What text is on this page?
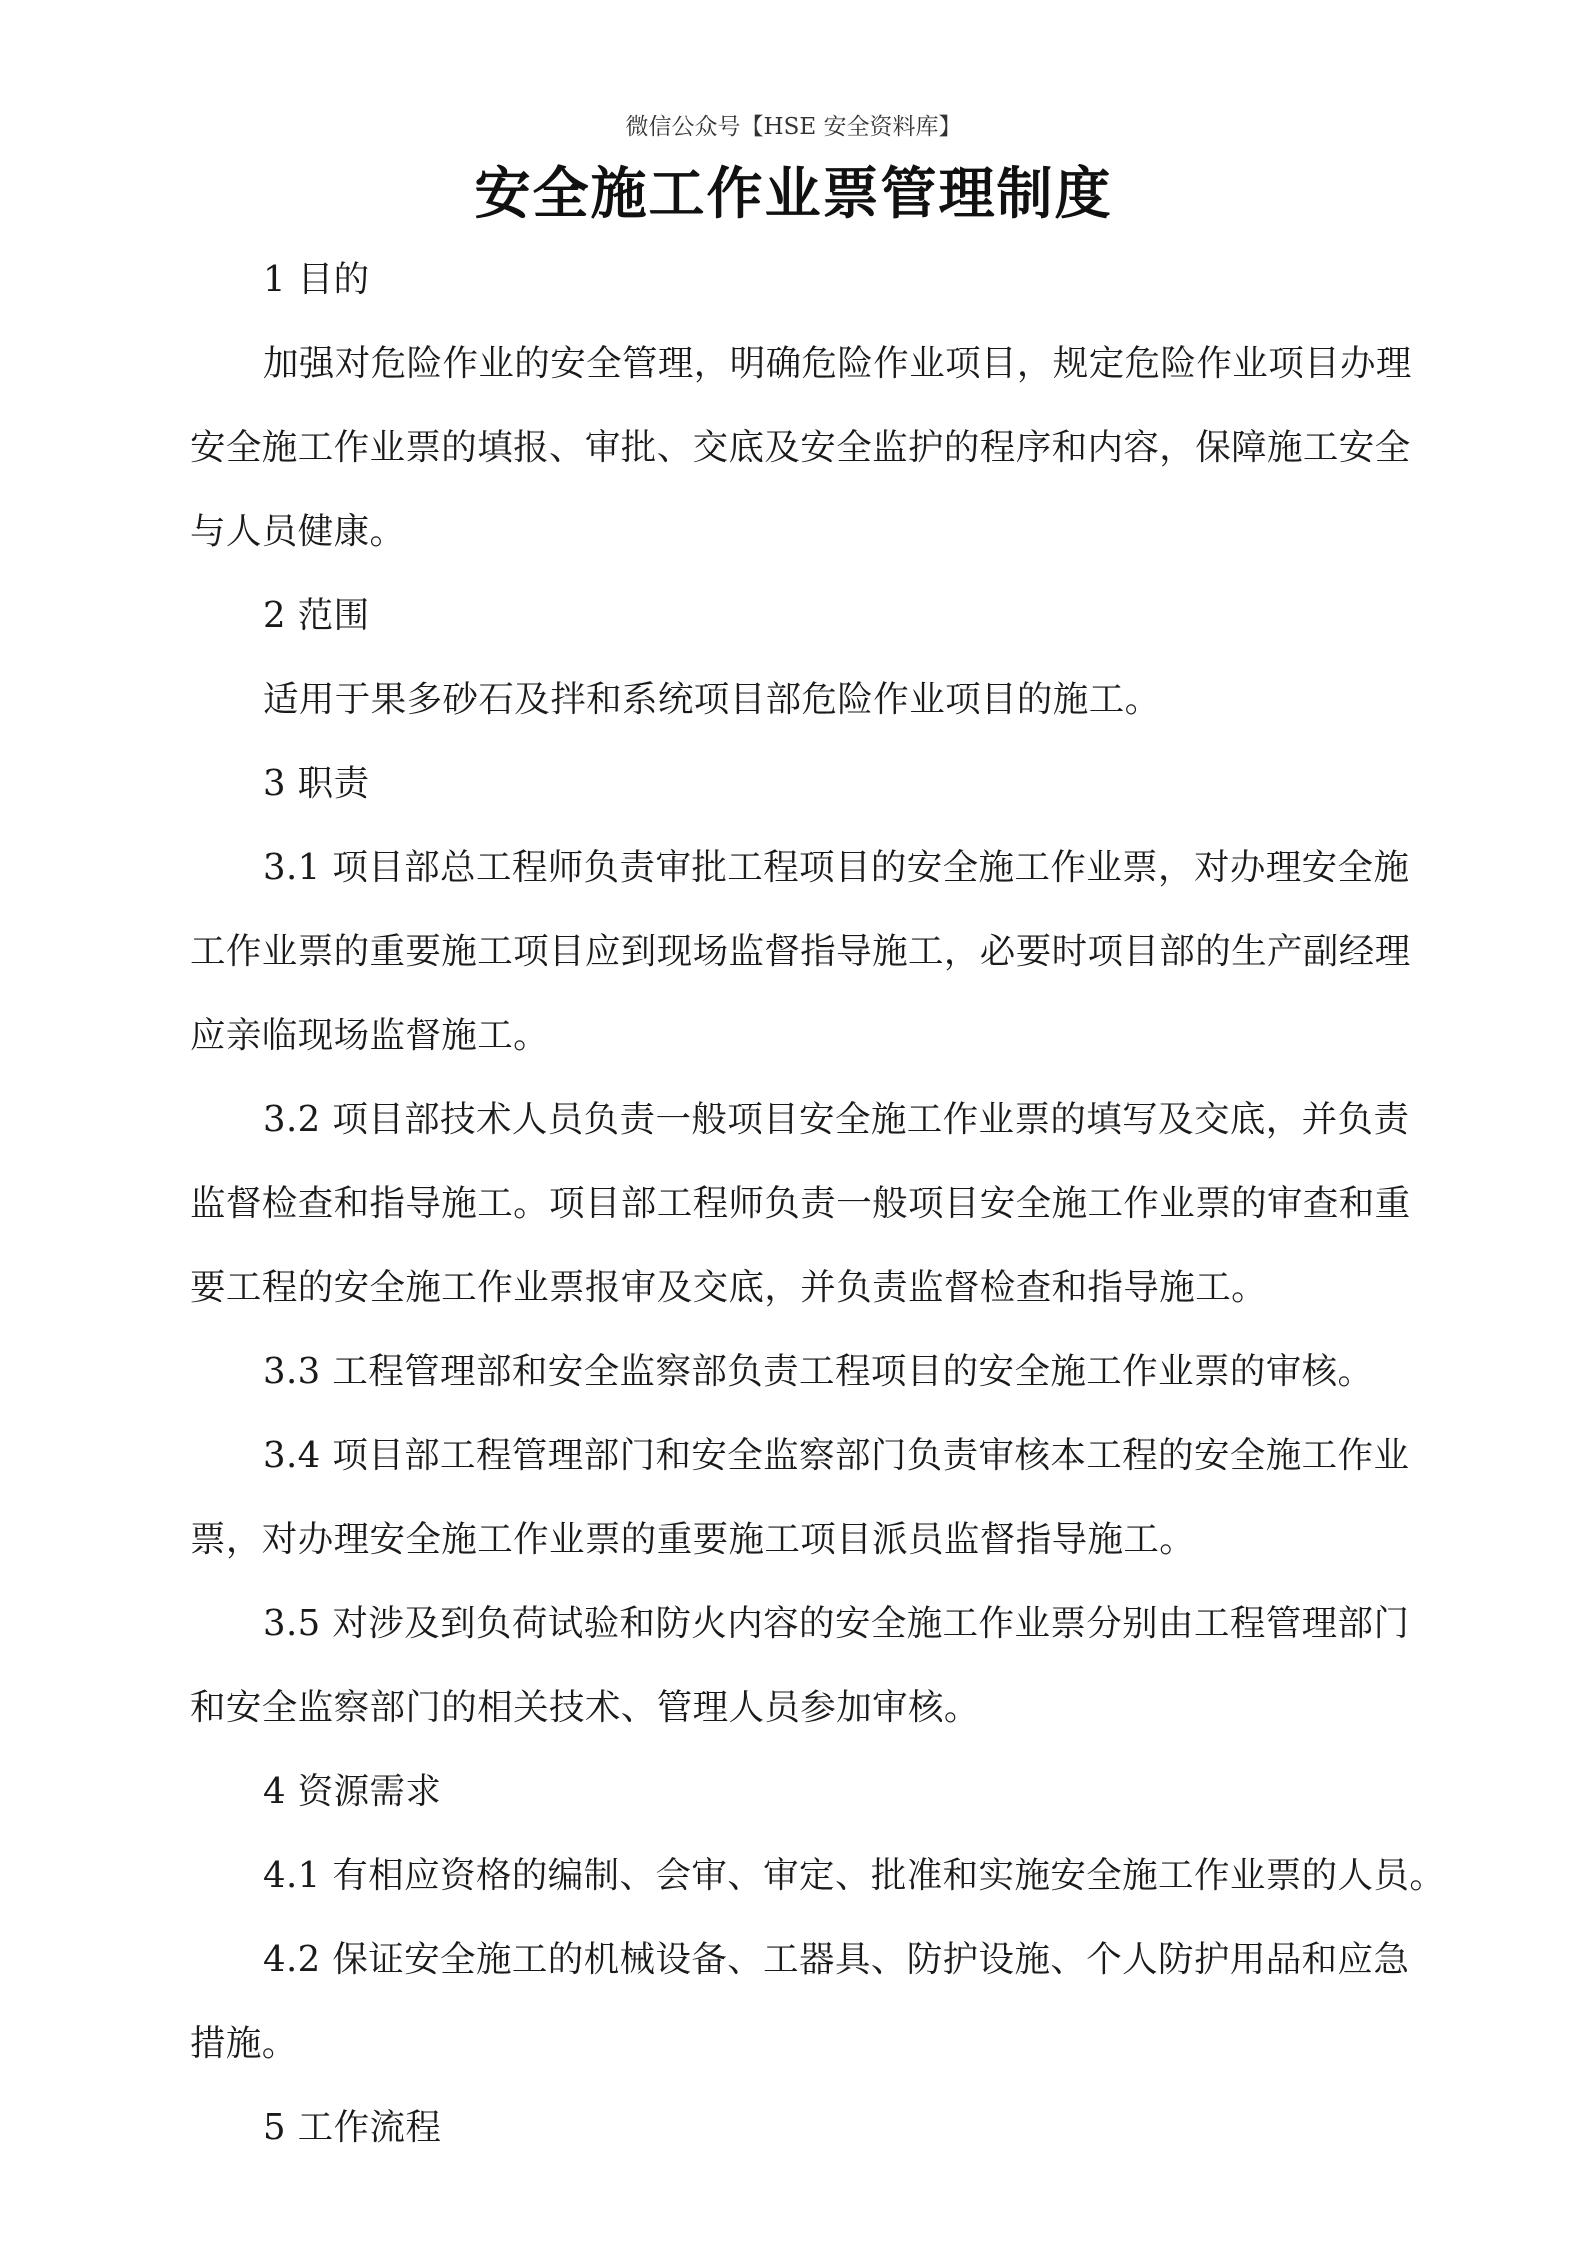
微信公众号【HSE 安全资料库】
安全施工作业票管理制度
1 目的
加强对危险作业的安全管理，明确危险作业项目，规定危险作业项目办理
安全施工作业票的填报、审批、交底及安全监护的程序和内容，保障施工安全
与人员健康。
2 范围
适用于果多砂石及拌和系统项目部危险作业项目的施工。
3 职责
3.1 项目部总工程师负责审批工程项目的安全施工作业票，对办理安全施
工作业票的重要施工项目应到现场监督指导施工，必要时项目部的生产副经理
应亲临现场监督施工。
3.2 项目部技术人员负责一般项目安全施工作业票的填写及交底，并负责
监督检查和指导施工。项目部工程师负责一般项目安全施工作业票的审查和重
要工程的安全施工作业票报审及交底，并负责监督检查和指导施工。
3.3 工程管理部和安全监察部负责工程项目的安全施工作业票的审核。
3.4 项目部工程管理部门和安全监察部门负责审核本工程的安全施工作业
票，对办理安全施工作业票的重要施工项目派员监督指导施工。
3.5 对涉及到负荷试验和防火内容的安全施工作业票分别由工程管理部门
和安全监察部门的相关技术、管理人员参加审核。
4 资源需求
4.1 有相应资格的编制、会审、审定、批准和实施安全施工作业票的人员。
4.2 保证安全施工的机械设备、工器具、防护设施、个人防护用品和应急
措施。
5 工作流程
